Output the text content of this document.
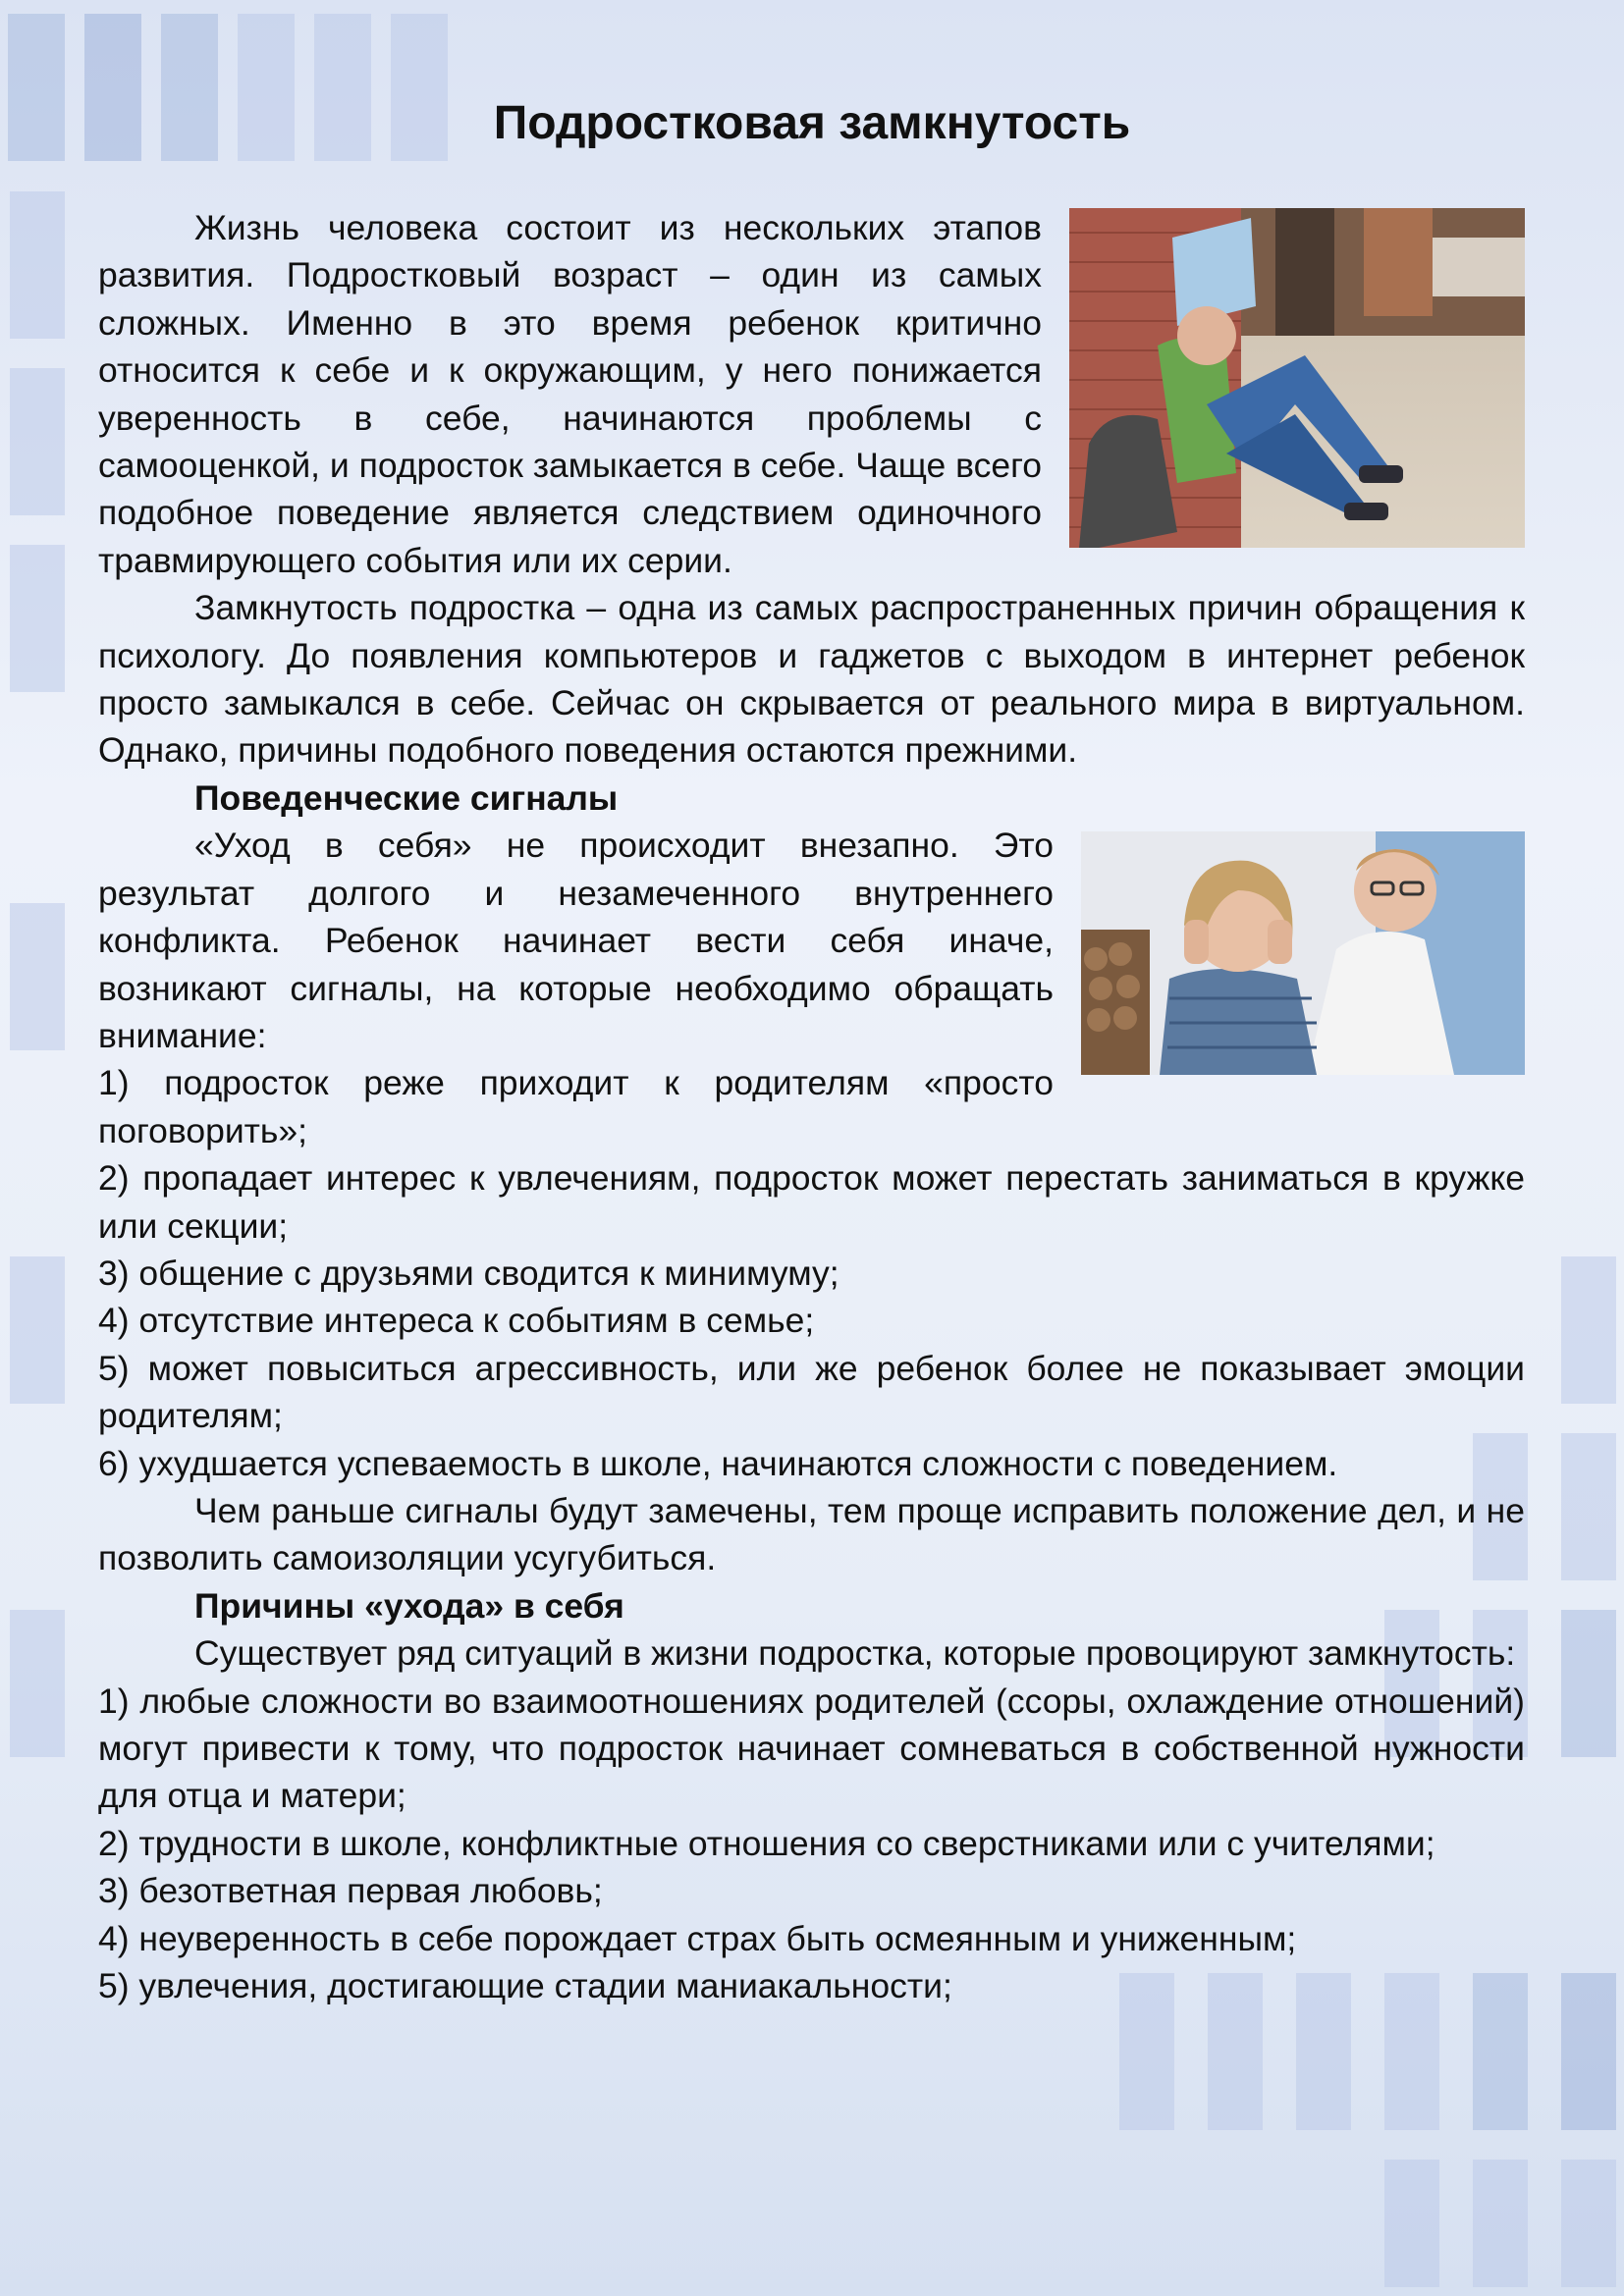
Подростковая замкнутость

Жизнь человека состоит из нескольких этапов развития. Подростковый возраст – один из самых сложных. Именно в это время ребенок критично относится к себе и к окружающим, у него понижается уверенность в себе, начинаются проблемы с самооценкой, и подросток замыкается в себе. Чаще всего подобное поведение является следствием одиночного травмирующего события или их серии.

Замкнутость подростка – одна из самых распространенных причин обращения к психологу. До появления компьютеров и гаджетов с выходом в интернет ребенок просто замыкался в себе. Сейчас он скрывается от реального мира в виртуальном. Однако, причины подобного поведения остаются прежними.

Поведенческие сигналы

«Уход в себя» не происходит внезапно. Это результат долгого и незамеченного внутреннего конфликта. Ребенок начинает вести себя иначе, возникают сигналы, на которые необходимо обращать внимание:

1) подросток реже приходит к родителям «просто поговорить»;

2) пропадает интерес к увлечениям, подросток может перестать заниматься в кружке или секции;

3) общение с друзьями сводится к минимуму;

4) отсутствие интереса к событиям в семье;

5) может повыситься агрессивность, или же ребенок более не показывает эмоции родителям;

6) ухудшается успеваемость в школе, начинаются сложности с поведением.

Чем раньше сигналы будут замечены, тем проще исправить положение дел, и не позволить самоизоляции усугубиться.

Причины «ухода» в себя

Существует ряд ситуаций в жизни подростка, которые провоцируют замкнутость:

1) любые сложности во взаимоотношениях родителей (ссоры, охлаждение отношений) могут привести к тому, что подросток начинает сомневаться в собственной нужности для отца и матери;

2) трудности в школе, конфликтные отношения со сверстниками или с учителями;

3) безответная первая любовь;

4) неуверенность в себе порождает страх быть осмеянным и униженным;

5) увлечения, достигающие стадии маниакальности;
